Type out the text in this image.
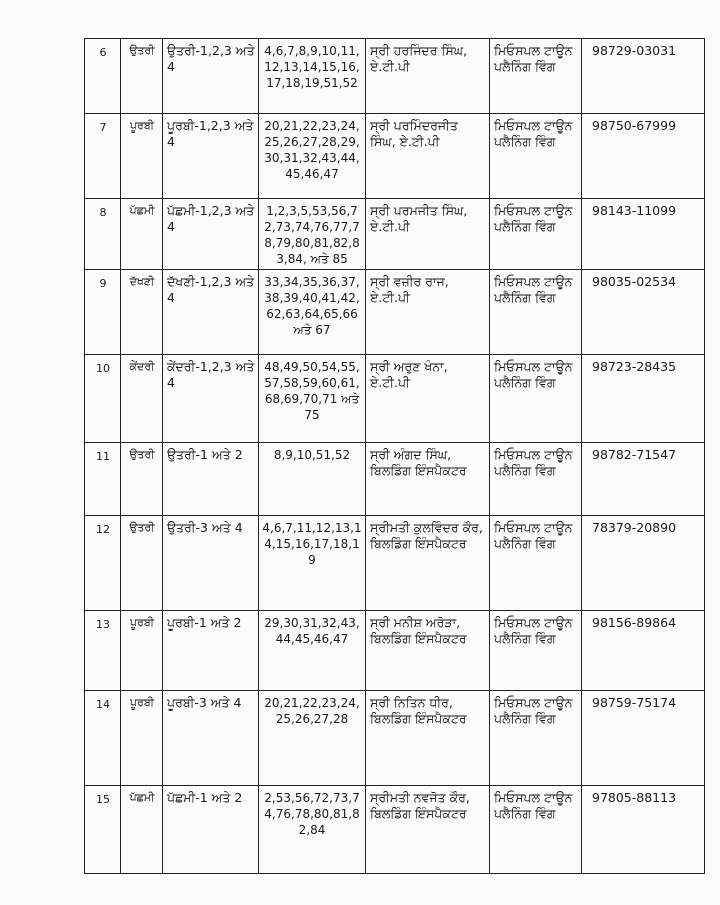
6	ਉਤਰੀ	ਉਤਰੀ-1,2,3 ਅਤੇ 4	4,6,7,8,9,10,11,12,13,14,15,16,17,18,19,51,52	ਸ੍ਰੀ ਹਰਜਿੰਦਰ ਸਿੰਘ, ਏ.ਟੀ.ਪੀ	ਮਿਓਸਪਲ ਟਾਊਨ ਪਲੈਨਿੰਗ ਵਿੰਗ	98729-03031
7	ਪੂਰਬੀ	ਪੂਰਬੀ-1,2,3 ਅਤੇ 4	20,21,22,23,24,25,26,27,28,29,30,31,32,43,44,45,46,47	ਸ੍ਰੀ ਪਰਮਿੰਦਰਜੀਤ ਸਿੰਘ, ਏ.ਟੀ.ਪੀ	ਮਿਓਸਪਲ ਟਾਊਨ ਪਲੈਨਿੰਗ ਵਿੰਗ	98750-67999
8	ਪੱਛਮੀ	ਪੱਛਮੀ-1,2,3 ਅਤੇ 4	1,2,3,5,53,56,72,73,74,76,77,78,79,80,81,82,83,84, ਅਤੇ 85	ਸ੍ਰੀ ਪਰਮਜੀਤ ਸਿੰਘ, ਏ.ਟੀ.ਪੀ	ਮਿਓਸਪਲ ਟਾਊਨ ਪਲੈਨਿੰਗ ਵਿੰਗ	98143-11099
9	ਦੱਖਣੀ	ਦੱਖਣੀ-1,2,3 ਅਤੇ 4	33,34,35,36,37,38,39,40,41,42,62,63,64,65,66 ਅਤੇ 67	ਸ੍ਰੀ ਵਜ਼ੀਰ ਰਾਜ, ਏ.ਟੀ.ਪੀ	ਮਿਓਸਪਲ ਟਾਊਨ ਪਲੈਨਿੰਗ ਵਿੰਗ	98035-02534
10	ਕੇਂਦਰੀ	ਕੇਂਦਰੀ-1,2,3 ਅਤੇ 4	48,49,50,54,55,57,58,59,60,61,68,69,70,71 ਅਤੇ 75	ਸ੍ਰੀ ਅਰੁਣ ਖੰਨਾ, ਏ.ਟੀ.ਪੀ	ਮਿਓਸਪਲ ਟਾਊਨ ਪਲੈਨਿੰਗ ਵਿੰਗ	98723-28435
11	ਉਤਰੀ	ਉਤਰੀ-1 ਅਤੇ 2	8,9,10,51,52	ਸ੍ਰੀ ਅੰਗਦ ਸਿੰਘ, ਬਿਲਡਿੰਗ ਇੰਸਪੈਕਟਰ	ਮਿਓਸਪਲ ਟਾਊਨ ਪਲੈਨਿੰਗ ਵਿੰਗ	98782-71547
12	ਉਤਰੀ	ਉਤਰੀ-3 ਅਤੇ 4	4,6,7,11,12,13,14,15,16,17,18,19	ਸ੍ਰੀਮਤੀ ਕੁਲਵਿੰਦਰ ਕੌਰ, ਬਿਲਡਿੰਗ ਇੰਸਪੈਕਟਰ	ਮਿਓਸਪਲ ਟਾਊਨ ਪਲੈਨਿੰਗ ਵਿੰਗ	78379-20890
13	ਪੂਰਬੀ	ਪੂਰਬੀ-1 ਅਤੇ 2	29,30,31,32,43,44,45,46,47	ਸ੍ਰੀ ਮਨੀਸ਼ ਅਰੋੜਾ, ਬਿਲਡਿੰਗ ਇੰਸਪੈਕਟਰ	ਮਿਓਸਪਲ ਟਾਊਨ ਪਲੈਨਿੰਗ ਵਿੰਗ	98156-89864
14	ਪੂਰਬੀ	ਪੂਰਬੀ-3 ਅਤੇ 4	20,21,22,23,24,25,26,27,28	ਸ੍ਰੀ ਨਿਤਿਨ ਧੀਰ, ਬਿਲਡਿੰਗ ਇੰਸਪੈਕਟਰ	ਮਿਓਸਪਲ ਟਾਊਨ ਪਲੈਨਿੰਗ ਵਿੰਗ	98759-75174
15	ਪੱਛਮੀ	ਪੱਛਮੀ-1 ਅਤੇ 2	2,53,56,72,73,74,76,78,80,81,82,84	ਸ੍ਰੀਮਤੀ ਨਵਜੋਤ ਕੌਰ, ਬਿਲਡਿੰਗ ਇੰਸਪੈਕਟਰ	ਮਿਓਸਪਲ ਟਾਊਨ ਪਲੈਨਿੰਗ ਵਿੰਗ	97805-88113
